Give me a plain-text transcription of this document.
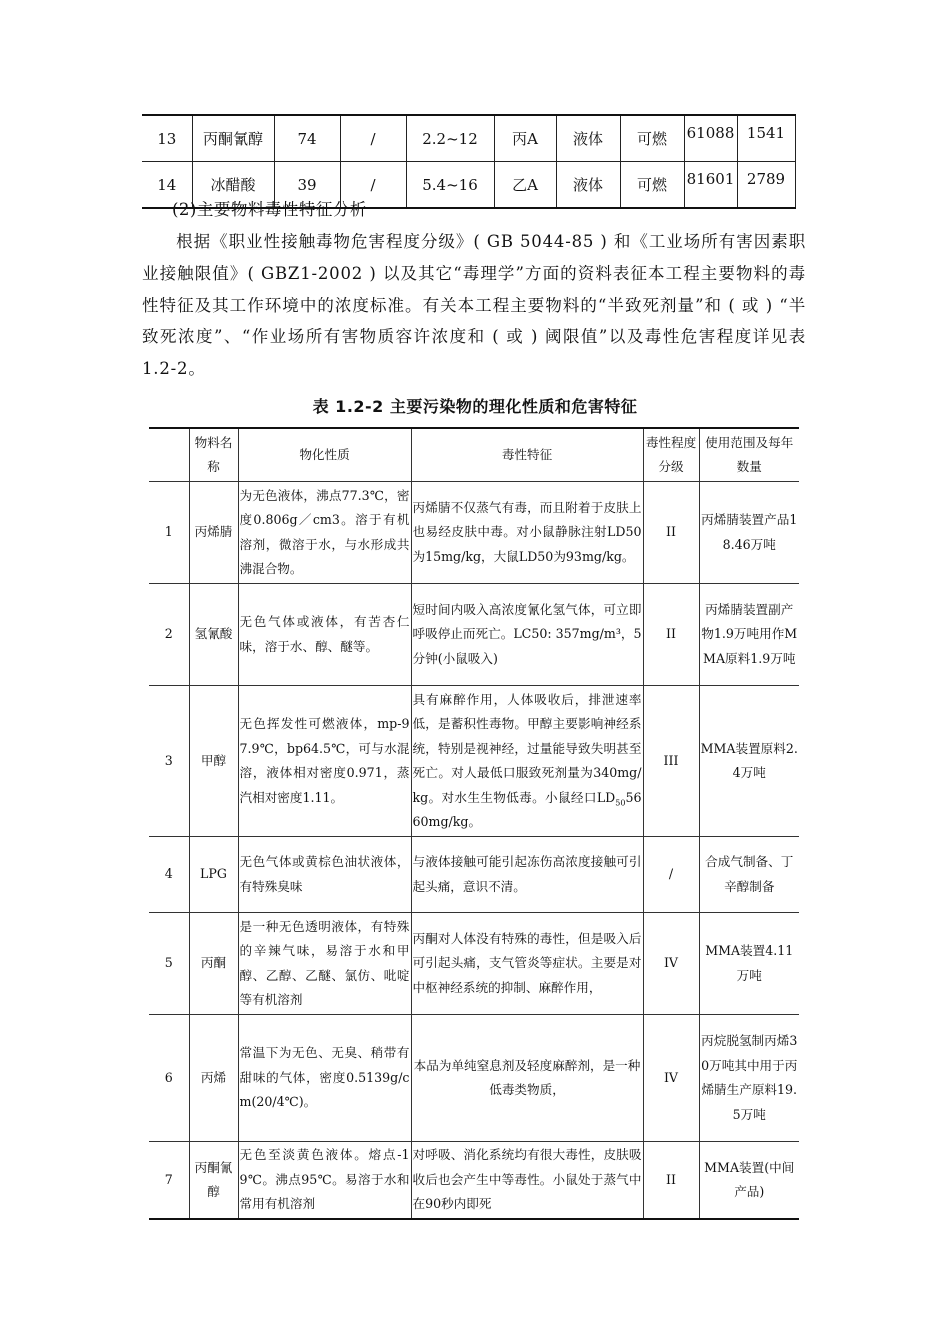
13	丙酮氰醇	74	/	2.2~12	丙A	液体	可燃	61088	1541
14	冰醋酸	39	/	5.4~16	乙A	液体	可燃	81601	2789
(2)主要物料毒性特征分析
根据《职业性接触毒物危害程度分级》( GB 5044-85 ) 和《工业场所有害因素职业接触限值》( GBZ1-2002 ) 以及其它“毒理学”方面的资料表征本工程主要物料的毒性特征及其工作环境中的浓度标准。有关本工程主要物料的“半致死剂量”和 ( 或 ) “半致死浓度”、“作业场所有害物质容许浓度和 ( 或 ) 阈限值”以及毒性危害程度详见表 1.2-2。
表 1.2-2 主要污染物的理化性质和危害特征
	物料名称	物化性质	毒性特征	毒性程度分级	使用范围及每年数量
1	丙烯腈	为无色液体，沸点77.3℃，密度0.806g／cm3。溶于有机溶剂，微溶于水，与水形成共沸混合物。	丙烯腈不仅蒸气有毒，而且附着于皮肤上也易经皮肤中毒。对小鼠静脉注射LD50为15mg/kg，大鼠LD50为93mg/kg。	II	丙烯腈装置产品18.46万吨
2	氢氰酸	无色气体或液体，有苦杏仁味，溶于水、醇、醚等。	短时间内吸入高浓度氰化氢气体，可立即呼吸停止而死亡。LC50: 357mg/m³，5分钟(小鼠吸入)	II	丙烯腈装置副产物1.9万吨用作MMA原料1.9万吨
3	甲醇	无色挥发性可燃液体，mp-97.9℃，bp64.5℃，可与水混溶，液体相对密度0.971，蒸汽相对密度1.11。	具有麻醉作用，人体吸收后，排泄速率低，是蓄积性毒物。甲醇主要影响神经系统，特别是视神经，过量能导致失明甚至死亡。对人最低口服致死剂量为340mg/kg。对水生生物低毒。小鼠经口$LD_{50}5660mg/kg$。	III	MMA装置原料2.4万吨
4	LPG	无色气体或黄棕色油状液体，有特殊臭味	与液体接触可能引起冻伤高浓度接触可引起头痛，意识不清。	/	合成气制备、丁辛醇制备
5	丙酮	是一种无色透明液体，有特殊的辛辣气味，易溶于水和甲醇、乙醇、乙醚、氯仿、吡啶等有机溶剂	丙酮对人体没有特殊的毒性，但是吸入后可引起头痛，支气管炎等症状。主要是对中枢神经系统的抑制、麻醉作用，	IV	MMA装置4.11万吨
6	丙烯	常温下为无色、无臭、稍带有甜味的气体，密度0.5139g/cm(20/4℃)。	本品为单纯窒息剂及轻度麻醉剂，是一种低毒类物质，	IV	丙烷脱氢制丙烯30万吨其中用于丙烯腈生产原料19.5万吨
7	丙酮氰醇	无色至淡黄色液体。熔点-19℃。沸点95℃。易溶于水和常用有机溶剂	对呼吸、消化系统均有很大毒性，皮肤吸收后也会产生中等毒性。小鼠处于蒸气中在90秒内即死	II	MMA装置(中间产品)
